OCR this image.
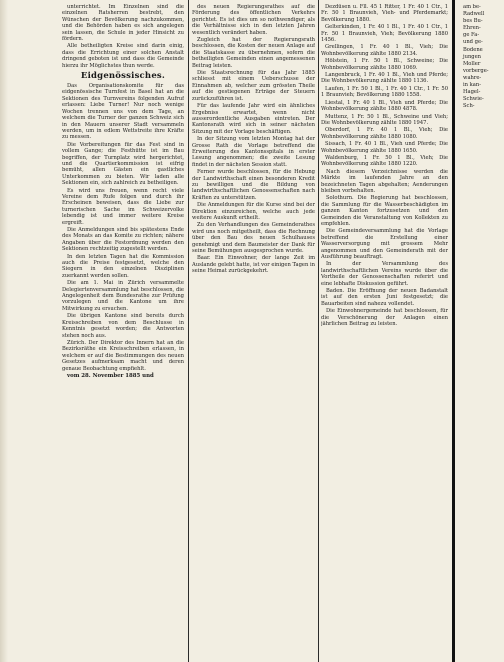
unterrichtet. Im Einzelnen sind die einzelnen Ratsherren bestrebt, den Wünschen der Bevölkerung nachzukommen, und die Behörden haben es sich angelegen sein lassen, die Schule in jeder Hinsicht zu fördern.

Alle betheiligten Kreise sind darin einig, dass die Errichtung einer solchen Anstalt dringend geboten ist und dass die Gemeinde hierzu ihr Möglichstes thun werde.

Eidgenössisches.

Das Organisationskomite für das eidgenössische Turnfest in Basel hat an die Sektionen des Turnvereins folgenden Aufruf erlassen: Liebe Turner! Nur noch wenige Wochen trennen uns von dem Tage, an welchem die Turner der ganzen Schweiz sich in den Mauern unserer Stadt versammeln werden, um in edlem Wettstreite ihre Kräfte zu messen.

Die Vorbereitungen für das Fest sind in vollem Gange; die Festhütte ist im Bau begriffen, der Turnplatz wird hergerichtet, und die Quartierkommission ist eifrig bemüht, allen Gästen ein gastliches Unterkommen zu bieten. Wir laden alle Sektionen ein, sich zahlreich zu betheiligen.

Es wird uns freuen, wenn recht viele Vereine dem Rufe folgen und durch ihr Erscheinen beweisen, dass die Liebe zur turnerischen Sache im Schweizervolke lebendig ist und immer weitere Kreise ergreift.

Die Anmeldungen sind bis spätestens Ende des Monats an das Komite zu richten; nähere Angaben über die Festordnung werden den Sektionen rechtzeitig zugestellt werden.

In den letzten Tagen hat die Kommission auch die Preise festgesetzt, welche den Siegern in den einzelnen Disziplinen zuerkannt werden sollen.

Die am 1. Mai in Zürich versammelte Delegiertenversammlung hat beschlossen, die Angelegenheit dem Bundesrathe zur Prüfung vorzulegen und die Kantone um ihre Mitwirkung zu ersuchen.

Die übrigen Kantone sind bereits durch Kreisschreiben von dem Beschlusse in Kenntnis gesetzt worden; die Antworten stehen noch aus.

Zürich. Der Direktor des Innern hat an die Bezirksräthe ein Kreisschreiben erlassen, in welchem er auf die Bestimmungen des neuen Gesetzes aufmerksam macht und deren genaue Beobachtung empfiehlt.

vom 28. November 1885 und

des neuen Regierungsrathes auf die Förderung des öffentlichen Verkehrs gerichtet. Es ist dies um so nothwendiger, als die Verhältnisse sich in den letzten Jahren wesentlich verändert haben.

Zugleich hat der Regierungsrath beschlossen, die Kosten der neuen Anlage auf die Staatskasse zu übernehmen, sofern die betheiligten Gemeinden einen angemessenen Beitrag leisten.

Die Staatsrechnung für das Jahr 1885 schliesst mit einem Ueberschusse der Einnahmen ab, welcher zum grössten Theile auf die gestiegenen Erträge der Steuern zurückzuführen ist.

Für das laufende Jahr wird ein ähnliches Ergebniss erwartet, wenn nicht ausserordentliche Ausgaben eintreten. Der Kantonsrath wird sich in seiner nächsten Sitzung mit der Vorlage beschäftigen.

In der Sitzung vom letzten Montag hat der Grosse Rath die Vorlage betreffend die Erweiterung des Kantonsspitals in erster Lesung angenommen; die zweite Lesung findet in der nächsten Session statt.

Ferner wurde beschlossen, für die Hebung der Landwirthschaft einen besonderen Kredit zu bewilligen und die Bildung von landwirthschaftlichen Genossenschaften nach Kräften zu unterstützen.

Die Anmeldungen für die Kurse sind bei der Direktion einzureichen, welche auch jede weitere Auskunft ertheilt.

Zu den Verhandlungen des Gemeinderathes wird uns noch mitgetheilt, dass die Rechnung über den Bau des neuen Schulhauses genehmigt und dem Baumeister der Dank für seine Bemühungen ausgesprochen wurde.

Baar. Ein Einwohner, der lange Zeit im Auslande gelebt hatte, ist vor einigen Tagen in seine Heimat zurückgekehrt.

Dezdüsen u. Fll. 45 1 Ritter, 1 Fr. 40 1 Ctr., 1 Fr. 50 1 Braunvieh, Vieh- und Pferdemarkt; Bevölkerung 1880.

Gelterkinden, 1 Fr. 40 1 Bl., 1 Fr. 40 1 Ctr., 1 Fr. 50 1 Braunvieh, Vieh; Bevölkerung 1880 1456.

Grellingen, 1 Fr. 40 1 Bl., Vieh; Die Wohnbevölkerung zählte 1880 2134.

Hölstein, 1 Fr. 50 1 Bl., Schweine; Die Wohnbevölkerung zählte 1880 1069.

Langenbruck, 1 Fr. 40 1 Bl., Vieh und Pferde; Die Wohnbevölkerung zählte 1880 1136.

Laufen, 1 Fr. 50 1 Bl., 1 Fr. 40 1 Ctr., 1 Fr. 50 1 Braunvieh; Bevölkerung 1880 1558.

Liestal, 1 Fr. 40 1 Bl., Vieh und Pferde; Die Wohnbevölkerung zählte 1880 4878.

Muttenz, 1 Fr. 50 1 Bl., Schweine und Vieh; Die Wohnbevölkerung zählte 1880 1947.

Oberdorf, 1 Fr. 40 1 Bl., Vieh; Die Wohnbevölkerung zählte 1880 1080.

Sissach, 1 Fr. 40 1 Bl., Vieh und Pferde; Die Wohnbevölkerung zählte 1880 1650.

Waldenburg, 1 Fr. 50 1 Bl., Vieh; Die Wohnbevölkerung zählte 1880 1220.

Nach diesem Verzeichnisse werden die Märkte im laufenden Jahre an den bezeichneten Tagen abgehalten; Aenderungen bleiben vorbehalten.

Solothurn. Die Regierung hat beschlossen, die Sammlung für die Wasserbeschädigten im ganzen Kanton fortzusetzen und den Gemeinden die Veranstaltung von Kollekten zu empfehlen.

Die Gemeindeversammlung hat die Vorlage betreffend die Erstellung einer Wasserversorgung mit grossem Mehr angenommen und den Gemeinderath mit der Ausführung beauftragt.

In der Versammlung des landwirthschaftlichen Vereins wurde über die Vortheile der Genossenschaften referirt und eine lebhafte Diskussion geführt.

Baden. Die Eröffnung der neuen Badanstalt ist auf den ersten Juni festgesetzt; die Bauarbeiten sind nahezu vollendet.

Die Einwohnergemeinde hat beschlossen, für die Verschönerung der Anlagen einen jährlichen Beitrag zu leisten.

am be-

Radwell

bes Bu-

Ehren-

ge Fa-

und ge-

Bodene

jungen

Moller

vorberge-

wahre-

in kan-

Hagel-

Schwie-

Sch-
